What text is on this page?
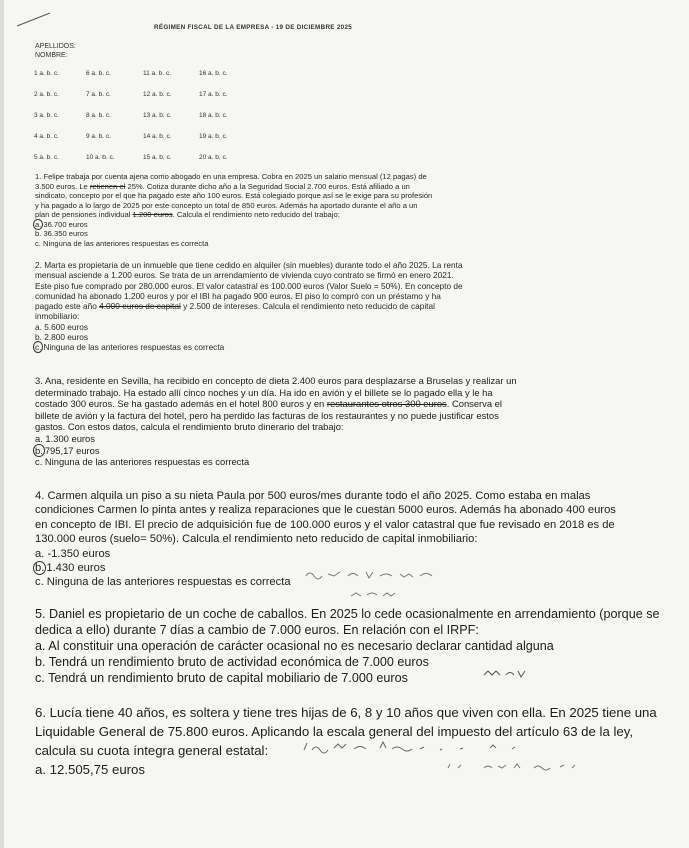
RÉGIMEN FISCAL DE LA EMPRESA - 19 DE DICIEMBRE 2025
APELLIDOS:
NOMBRE:
1 a. b. c.	6 a. b. c.	11 a. b. c.	16 a. b. c.
2 a. b. c.	7 a. b. c.	12 a. b. c.	17 a. b. c.
3 a. b. c.	8 a. b. c.	13 a. b. c.	18 a. b. c.
4 a. b. c.	9 a. b. c.	14 a. b. c.	19 a. b. c.
5 a. b. c.	10 a. b. c.	15 a. b. c.	20 a. b. c.
1. Felipe trabaja por cuenta ajena como abogado en una empresa. Cobra en 2025 un salario mensual (12 pagas) de
3.500 euros. Le retienen el 25%. Cotiza durante dicho año a la Seguridad Social 2.700 euros. Está afiliado a un
sindicato, concepto por el que ha pagado este año 100 euros. Está colegiado porque así se le exige para su profesión
y ha pagado a lo largo de 2025 por este concepto un total de 850 euros. Además ha aportado durante el año a un
plan de pensiones individual 1.200 euros. Calcula el rendimiento neto reducido del trabajo:
a. 36.700 euros
b. 36.350 euros
c. Ninguna de las anteriores respuestas es correcta
2. Marta es propietaria de un inmueble que tiene cedido en alquiler (sin muebles) durante todo el año 2025. La renta
mensual asciende a 1.200 euros. Se trata de un arrendamiento de vivienda cuyo contrato se firmó en enero 2021.
Este piso fue comprado por 280.000 euros. El valor catastral es 100.000 euros (Valor Suelo = 50%). En concepto de
comunidad ha abonado 1.200 euros y por el IBI ha pagado 900 euros. El piso lo compró con un préstamo y ha
pagado este año 4.000 euros de capital y 2.500 de intereses. Calcula el rendimiento neto reducido de capital
inmobiliario:
a. 5.600 euros
b. 2.800 euros
c. Ninguna de las anteriores respuestas es correcta
3. Ana, residente en Sevilla, ha recibido en concepto de dieta 2.400 euros para desplazarse a Bruselas y realizar un
determinado trabajo. Ha estado allí cinco noches y un día. Ha ido en avión y el billete se lo pagado ella y le ha
costado 300 euros. Se ha gastado además en el hotel 800 euros y en restaurantes otros 300 euros. Conserva el
billete de avión y la factura del hotel, pero ha perdido las facturas de los restaurantes y no puede justificar estos
gastos. Con estos datos, calcula el rendimiento bruto dinerario del trabajo:
a. 1.300 euros
b. 795,17 euros
c. Ninguna de las anteriores respuestas es correcta
4. Carmen alquila un piso a su nieta Paula por 500 euros/mes durante todo el año 2025. Como estaba en malas
condiciones Carmen lo pinta antes y realiza reparaciones que le cuestan 5000 euros. Además ha abonado 400 euros
en concepto de IBI. El precio de adquisición fue de 100.000 euros y el valor catastral que fue revisado en 2018 es de
130.000 euros (suelo= 50%). Calcula el rendimiento neto reducido de capital inmobiliario:
a. -1.350 euros
b. 1.430 euros
c. Ninguna de las anteriores respuestas es correcta
5. Daniel es propietario de un coche de caballos. En 2025 lo cede ocasionalmente en arrendamiento (porque se
dedica a ello) durante 7 días a cambio de 7.000 euros. En relación con el IRPF:
a. Al constituir una operación de carácter ocasional no es necesario declarar cantidad alguna
b. Tendrá un rendimiento bruto de actividad económica de 7.000 euros
c. Tendrá un rendimiento bruto de capital mobiliario de 7.000 euros
6. Lucía tiene 40 años, es soltera y tiene tres hijas de 6, 8 y 10 años que viven con ella. En 2025 tiene una
Liquidable General de 75.800 euros. Aplicando la escala general del impuesto del artículo 63 de la ley,
calcula su cuota íntegra general estatal:
a. 12.505,75 euros
